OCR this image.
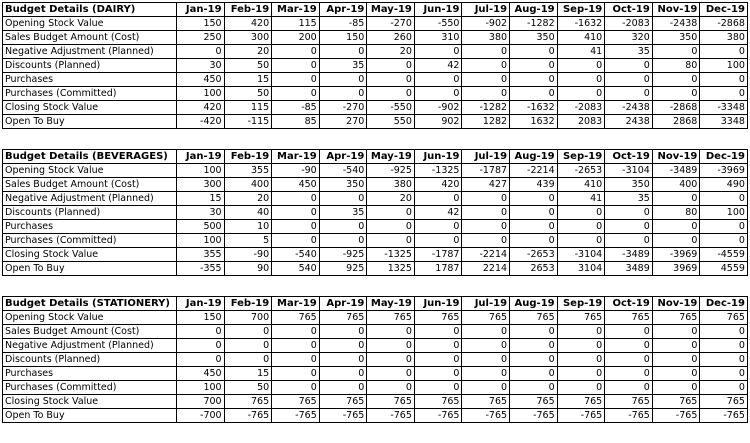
Budget Details (DAIRY)	Jan-19	Feb-19	Mar-19	Apr-19	May-19	Jun-19	Jul-19	Aug-19	Sep-19	Oct-19	Nov-19	Dec-19
Opening Stock Value	150	420	115	-85	-270	-550	-902	-1282	-1632	-2083	-2438	-2868
Sales Budget Amount (Cost)	250	300	200	150	260	310	380	350	410	320	350	380
Negative Adjustment (Planned)	0	20	0	0	20	0	0	0	41	35	0	0
Discounts (Planned)	30	50	0	35	0	42	0	0	0	0	80	100
Purchases	450	15	0	0	0	0	0	0	0	0	0	0
Purchases (Committed)	100	50	0	0	0	0	0	0	0	0	0	0
Closing Stock Value	420	115	-85	-270	-550	-902	-1282	-1632	-2083	-2438	-2868	-3348
Open To Buy	-420	-115	85	270	550	902	1282	1632	2083	2438	2868	3348
Budget Details (BEVERAGES)	Jan-19	Feb-19	Mar-19	Apr-19	May-19	Jun-19	Jul-19	Aug-19	Sep-19	Oct-19	Nov-19	Dec-19
Opening Stock Value	100	355	-90	-540	-925	-1325	-1787	-2214	-2653	-3104	-3489	-3969
Sales Budget Amount (Cost)	300	400	450	350	380	420	427	439	410	350	400	490
Negative Adjustment (Planned)	15	20	0	0	20	0	0	0	41	35	0	0
Discounts (Planned)	30	40	0	35	0	42	0	0	0	0	80	100
Purchases	500	10	0	0	0	0	0	0	0	0	0	0
Purchases (Committed)	100	5	0	0	0	0	0	0	0	0	0	0
Closing Stock Value	355	-90	-540	-925	-1325	-1787	-2214	-2653	-3104	-3489	-3969	-4559
Open To Buy	-355	90	540	925	1325	1787	2214	2653	3104	3489	3969	4559
Budget Details (STATIONERY)	Jan-19	Feb-19	Mar-19	Apr-19	May-19	Jun-19	Jul-19	Aug-19	Sep-19	Oct-19	Nov-19	Dec-19
Opening Stock Value	150	700	765	765	765	765	765	765	765	765	765	765
Sales Budget Amount (Cost)	0	0	0	0	0	0	0	0	0	0	0	0
Negative Adjustment (Planned)	0	0	0	0	0	0	0	0	0	0	0	0
Discounts (Planned)	0	0	0	0	0	0	0	0	0	0	0	0
Purchases	450	15	0	0	0	0	0	0	0	0	0	0
Purchases (Committed)	100	50	0	0	0	0	0	0	0	0	0	0
Closing Stock Value	700	765	765	765	765	765	765	765	765	765	765	765
Open To Buy	-700	-765	-765	-765	-765	-765	-765	-765	-765	-765	-765	-765
